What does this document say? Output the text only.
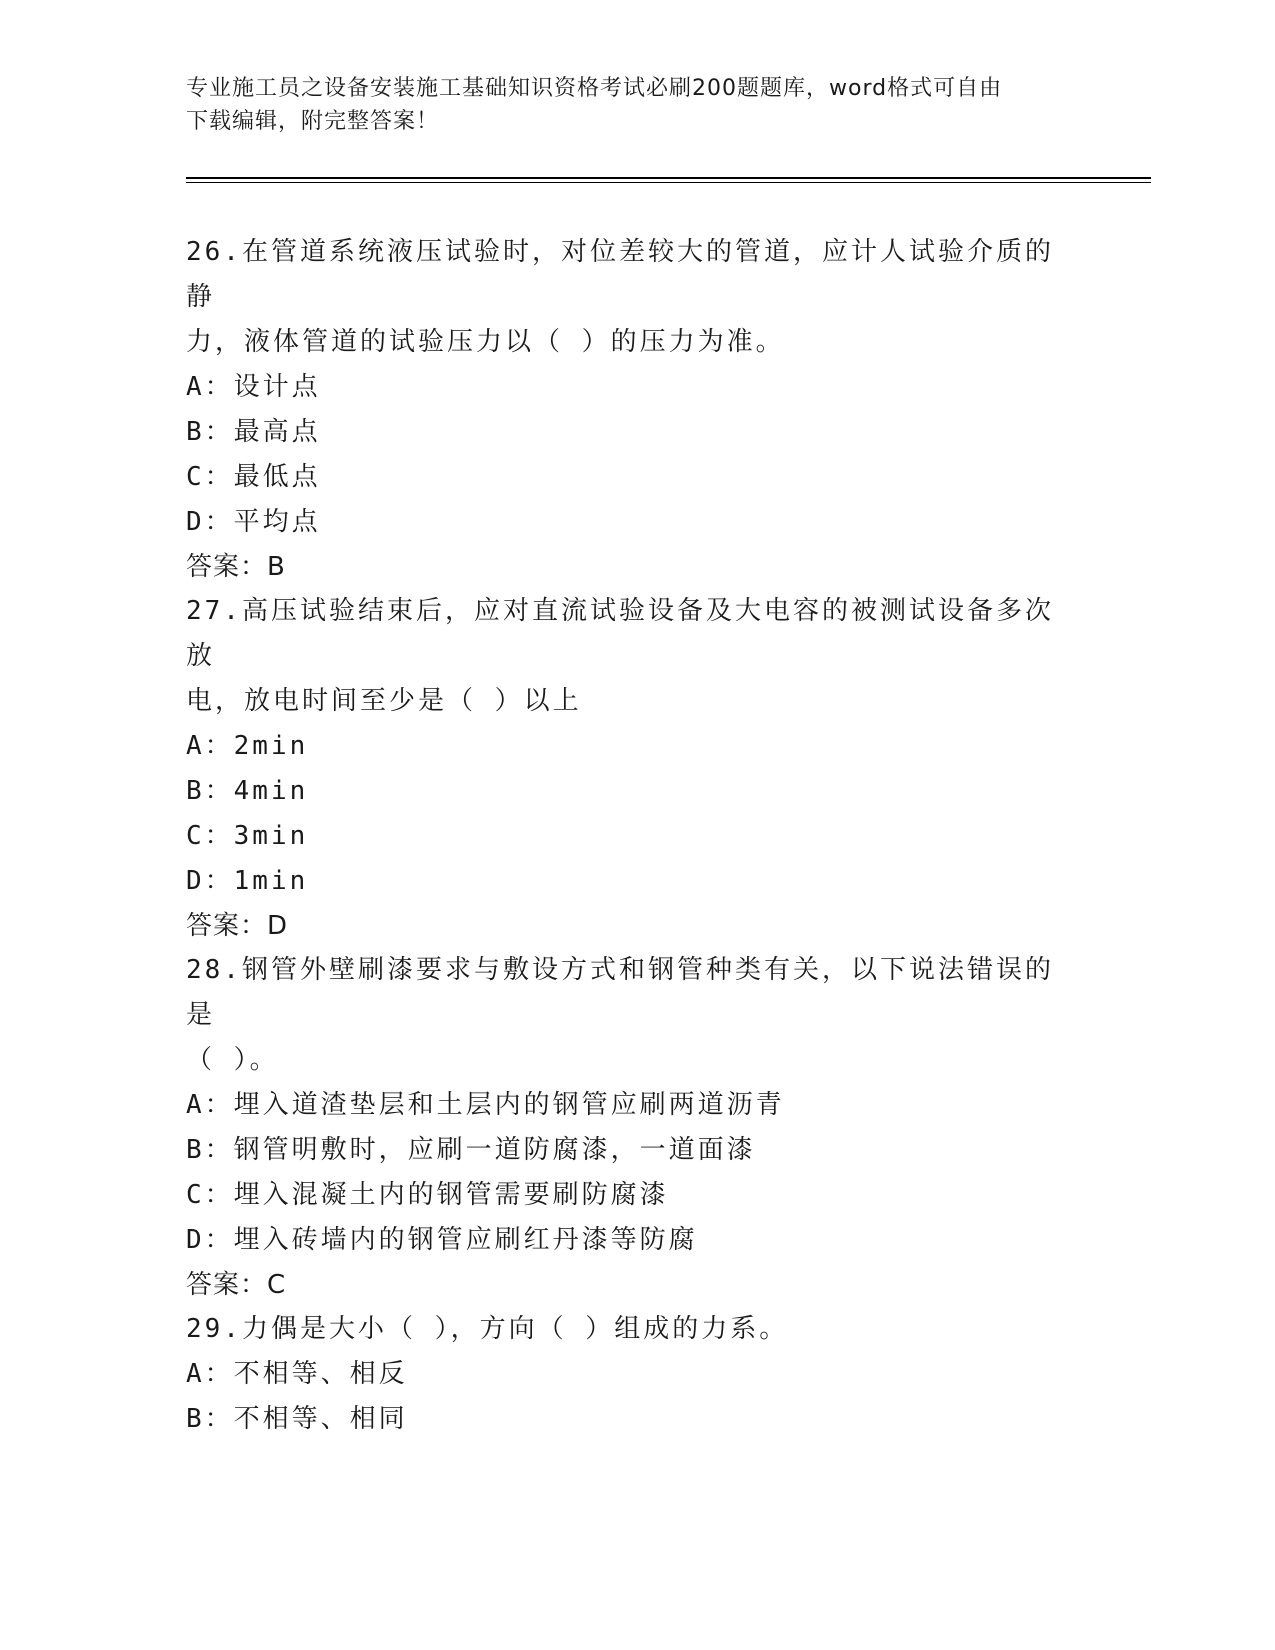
专业施工员之设备安装施工基础知识资格考试必刷200题题库，word格式可自由
下载编辑，附完整答案！

26.在管道系统液压试验时，对位差较大的管道，应计人试验介质的静

力，液体管道的试验压力以（ ）的压力为准。

A：设计点

B：最高点

C：最低点

D：平均点

答案：B

27.高压试验结束后，应对直流试验设备及大电容的被测试设备多次放

电，放电时间至少是（ ）以上

A：2min

B：4min

C：3min

D：1min

答案：D

28.钢管外壁刷漆要求与敷设方式和钢管种类有关，以下说法错误的是

（ ）。

A：埋入道渣垫层和土层内的钢管应刷两道沥青

B：钢管明敷时，应刷一道防腐漆，一道面漆

C：埋入混凝土内的钢管需要刷防腐漆

D：埋入砖墙内的钢管应刷红丹漆等防腐

答案：C

29.力偶是大小（ ），方向（ ）组成的力系。

A：不相等、相反

B：不相等、相同
